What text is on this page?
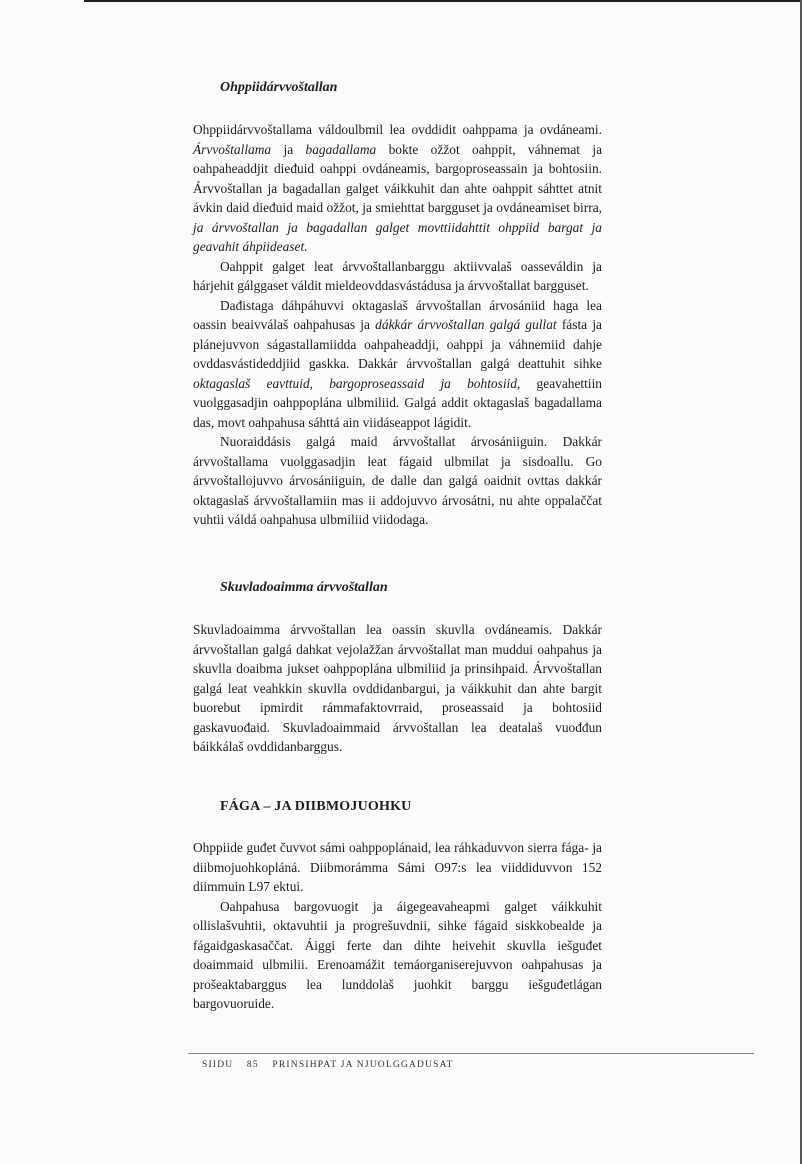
Ohppiidárvvoštallan

Ohppiidárvvoštallama váldoulbmil lea ovddidit oahppama ja ovdáneami. Árvvoštallama ja bagadallama bokte ožžot oahppit, váhnemat ja oahpaheaddjit dieđuid oahppi ovdáneamis, bargoproseassain ja bohtosiin. Árvvoštallan ja bagadallan galget váikkuhit dan ahte oahppit sáhttet atnit ávkin daid dieđuid maid ožžot, ja smiehttat bargguset ja ovdáneamiset birra, ja árvvoštallan ja bagadallan galget movttiidahttit ohppiid bargat ja geavahit áhpiideaset.

Oahppit galget leat árvvoštallanbarggu aktiivvalaš oasseváldin ja hárjehit gálggaset váldit mieldeovddasvástádusa ja árvvoštallat bargguset.

Dađistaga dáhpáhuvvi oktagaslaš árvvoštallan árvosániid haga lea oassin beaivválaš oahpahusas ja dákkár árvvoštallan galgá gullat fásta ja plánejuvvon ságastallamiidda oahpaheaddji, oahppi ja váhnemiid dahje ovddasvástideddjiid gaskka. Dakkár árvvoštallan galgá deattuhit sihke oktagaslaš eavttuid, bargoproseassaid ja bohtosiid, geavahettiin vuolggasadjin oahppoplána ulbmiliid. Galgá addit oktagaslaš bagadallama das, movt oahpahusa sáhttá ain viidáseappot lágidit.

Nuoraiddásis galgá maid árvvoštallat árvosániiguin. Dakkár árvvoštallama vuolggasadjin leat fágaid ulbmilat ja sisdoallu. Go árvvoštallojuvvo árvosániiguin, de dalle dan galgá oaidnit ovttas dakkár oktagaslaš árvvoštallamiin mas ii addojuvvo árvosátni, nu ahte oppalaččat vuhtii váldá oahpahusa ulbmiliid viidodaga.

Skuvladoaimma árvvoštallan

Skuvladoaimma árvvoštallan lea oassin skuvlla ovdáneamis. Dakkár árvvoštallan galgá dahkat vejolažžan árvvoštallat man muddui oahpahus ja skuvlla doaibma jukset oahppoplána ulbmiliid ja prinsihpaid. Árvvoštallan galgá leat veahkkin skuvlla ovddidanbargui, ja váikkuhit dan ahte bargit buorebut ipmirdit rámmafaktovrraid, proseassaid ja bohtosiid gaskavuođaid. Skuvladoaimmaid árvvoštallan lea deatalaš vuođđun báikkálaš ovddidanbarggus.

FÁGA – JA DIIBMOJUOHKU

Ohppiide guđet čuvvot sámi oahppoplánaid, lea ráhkaduvvon sierra fága- ja diibmojuohkopláná. Diibmorámma Sámi O97:s lea viiddiduvvon 152 diimmuin L97 ektui.

Oahpahusa bargovuogit ja áigegeavaheapmi galget váikkuhit ollislašvuhtii, oktavuhtii ja progrešuvdnii, sihke fágaid siskkobealde ja fágaidgaskasaččat. Áiggi ferte dan dihte heivehit skuvlla iešguđet doaimmaid ulbmilii. Erenoamážit temáorganiserejuvvon oahpahusas ja prošeaktabarggus lea lunddolaš juohkit barggu iešguđetlágan bargovuoruide.

SIIDU 85 PRINSIHPAT JA NJUOLGGADUSAT
